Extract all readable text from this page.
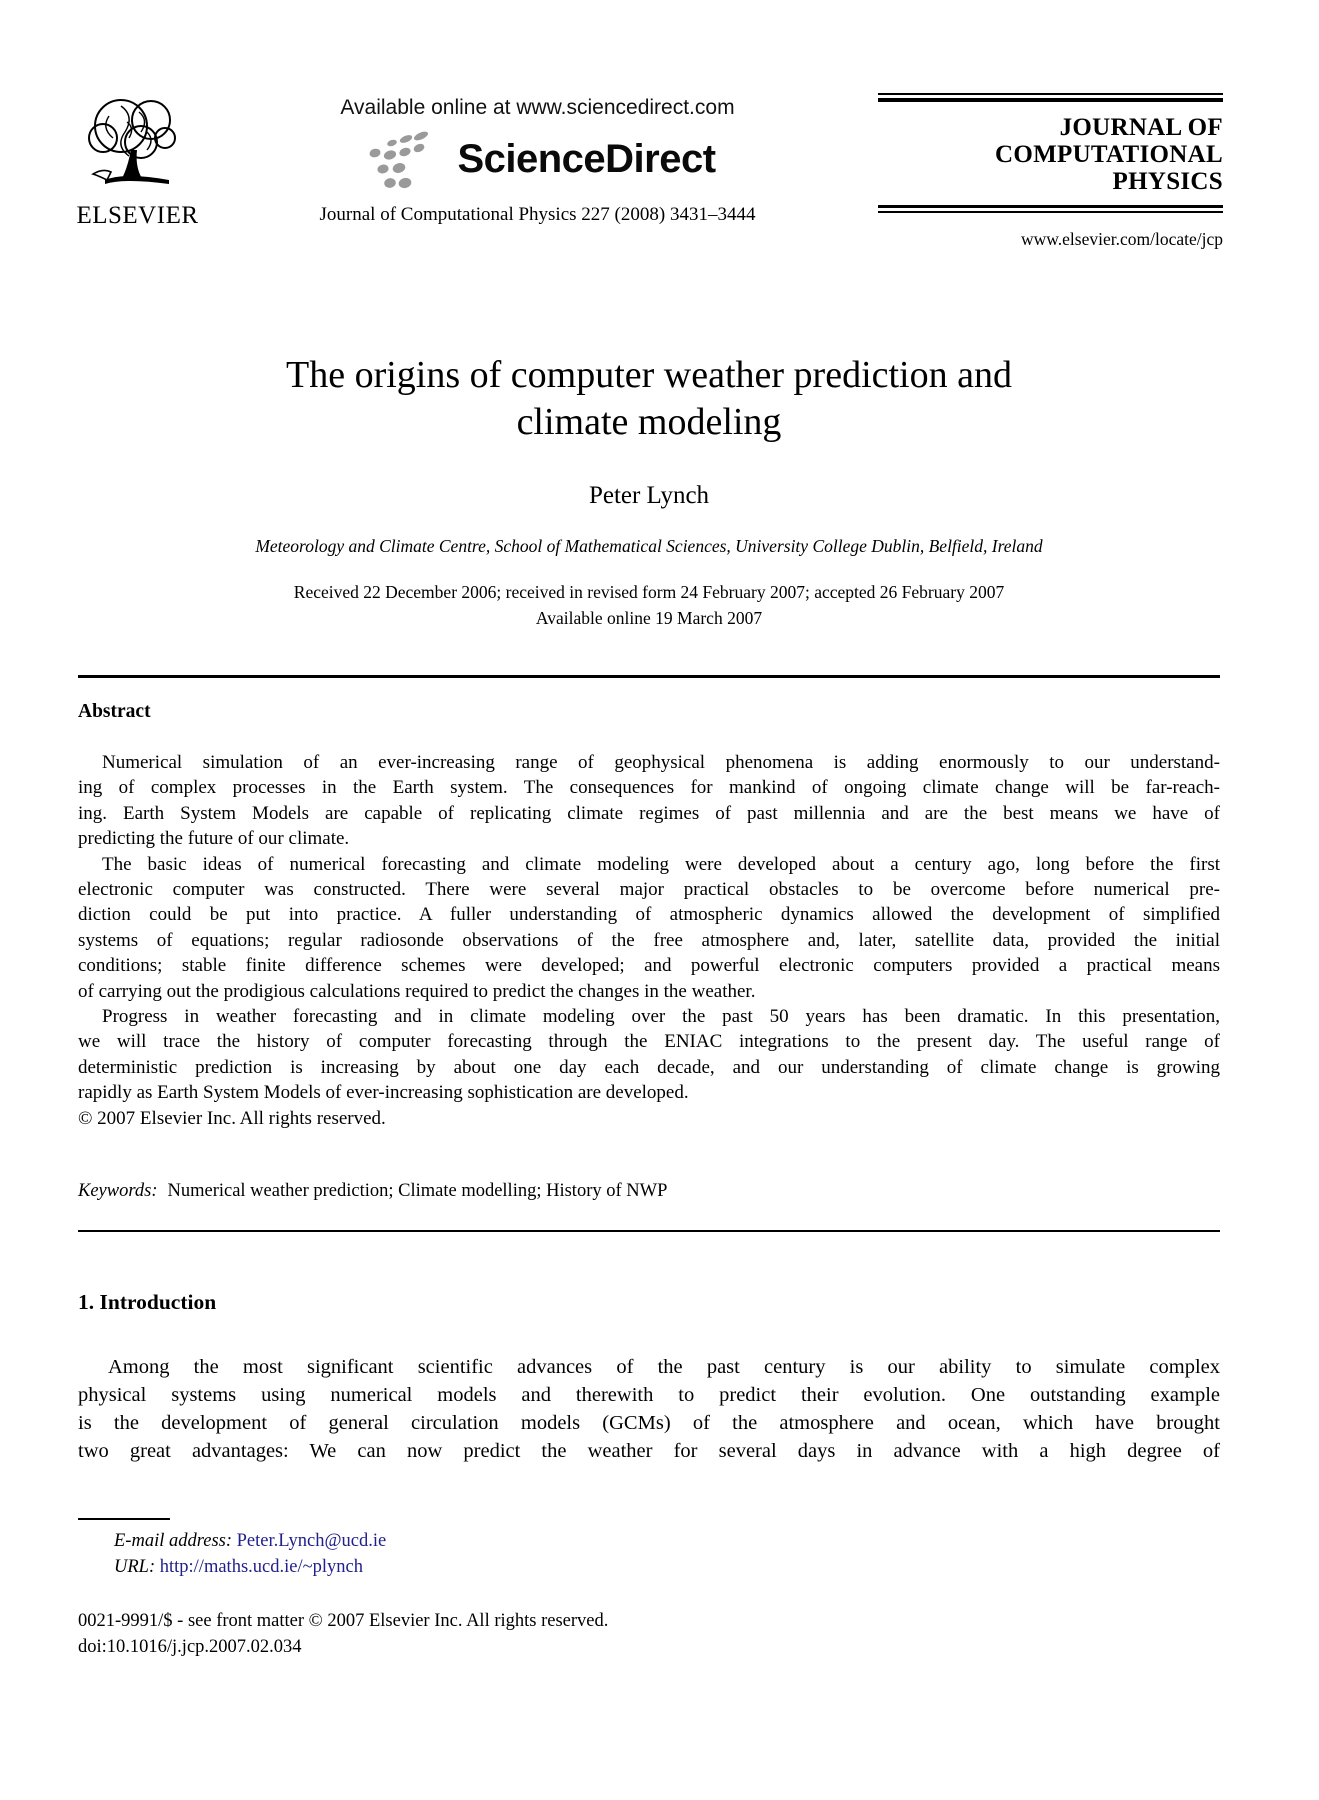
ELSEVIER
Available online at www.sciencedirect.com
ScienceDirect
Journal of Computational Physics 227 (2008) 3431–3444
JOURNAL OF
COMPUTATIONAL
PHYSICS
www.elsevier.com/locate/jcp
The origins of computer weather prediction and
climate modeling
Peter Lynch
Meteorology and Climate Centre, School of Mathematical Sciences, University College Dublin, Belfield, Ireland
Received 22 December 2006; received in revised form 24 February 2007; accepted 26 February 2007
Available online 19 March 2007
Abstract
Numerical simulation of an ever-increasing range of geophysical phenomena is adding enormously to our understand-
ing of complex processes in the Earth system. The consequences for mankind of ongoing climate change will be far-reach-
ing. Earth System Models are capable of replicating climate regimes of past millennia and are the best means we have of
predicting the future of our climate.
The basic ideas of numerical forecasting and climate modeling were developed about a century ago, long before the first
electronic computer was constructed. There were several major practical obstacles to be overcome before numerical pre-
diction could be put into practice. A fuller understanding of atmospheric dynamics allowed the development of simplified
systems of equations; regular radiosonde observations of the free atmosphere and, later, satellite data, provided the initial
conditions; stable finite difference schemes were developed; and powerful electronic computers provided a practical means
of carrying out the prodigious calculations required to predict the changes in the weather.
Progress in weather forecasting and in climate modeling over the past 50 years has been dramatic. In this presentation,
we will trace the history of computer forecasting through the ENIAC integrations to the present day. The useful range of
deterministic prediction is increasing by about one day each decade, and our understanding of climate change is growing
rapidly as Earth System Models of ever-increasing sophistication are developed.
© 2007 Elsevier Inc. All rights reserved.
Keywords: Numerical weather prediction; Climate modelling; History of NWP
1. Introduction
Among the most significant scientific advances of the past century is our ability to simulate complex
physical systems using numerical models and therewith to predict their evolution. One outstanding example
is the development of general circulation models (GCMs) of the atmosphere and ocean, which have brought
two great advantages: We can now predict the weather for several days in advance with a high degree of
E-mail address: Peter.Lynch@ucd.ie
URL: http://maths.ucd.ie/~plynch
0021-9991/$ - see front matter © 2007 Elsevier Inc. All rights reserved.
doi:10.1016/j.jcp.2007.02.034
